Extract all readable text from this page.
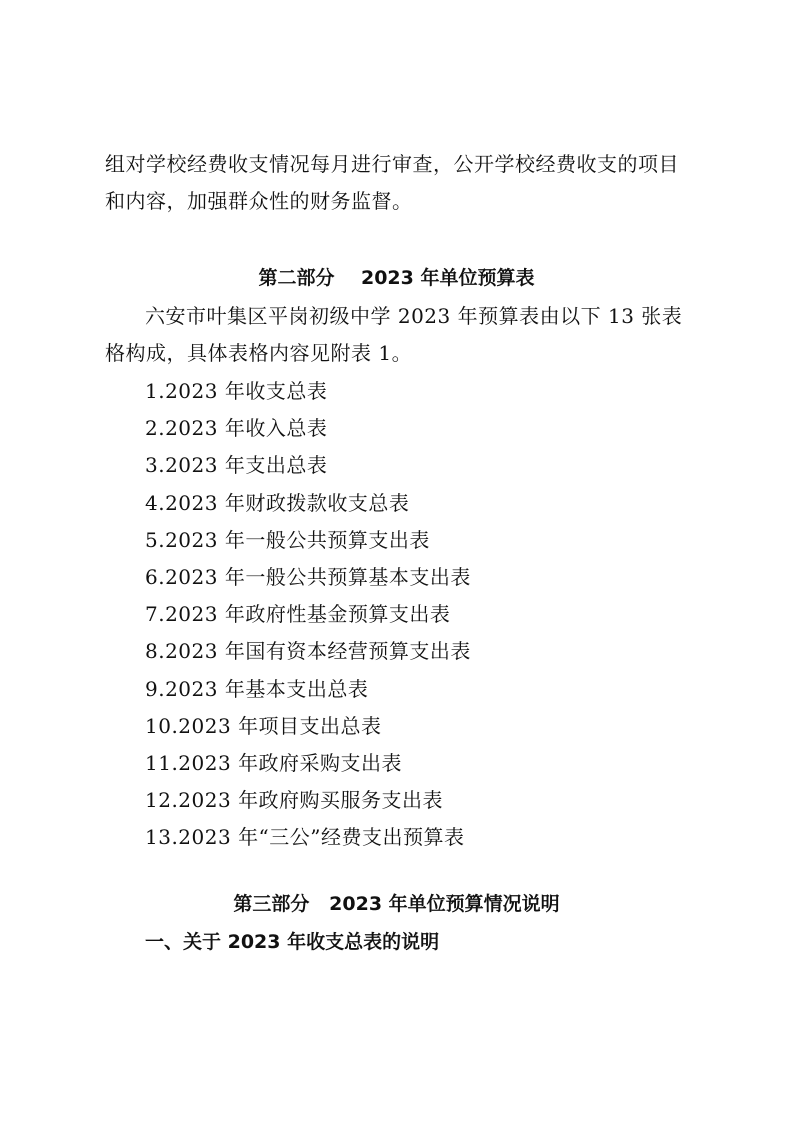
组对学校经费收支情况每月进行审查，公开学校经费收支的项目和内容，加强群众性的财务监督。

第二部分    2023 年单位预算表

六安市叶集区平岗初级中学 2023 年预算表由以下 13 张表格构成，具体表格内容见附表 1。

1.2023 年收支总表
2.2023 年收入总表
3.2023 年支出总表
4.2023 年财政拨款收支总表
5.2023 年一般公共预算支出表
6.2023 年一般公共预算基本支出表
7.2023 年政府性基金预算支出表
8.2023 年国有资本经营预算支出表
9.2023 年基本支出总表
10.2023 年项目支出总表
11.2023 年政府采购支出表
12.2023 年政府购买服务支出表
13.2023 年“三公”经费支出预算表
第三部分   2023 年单位预算情况说明
一、关于 2023 年收支总表的说明
